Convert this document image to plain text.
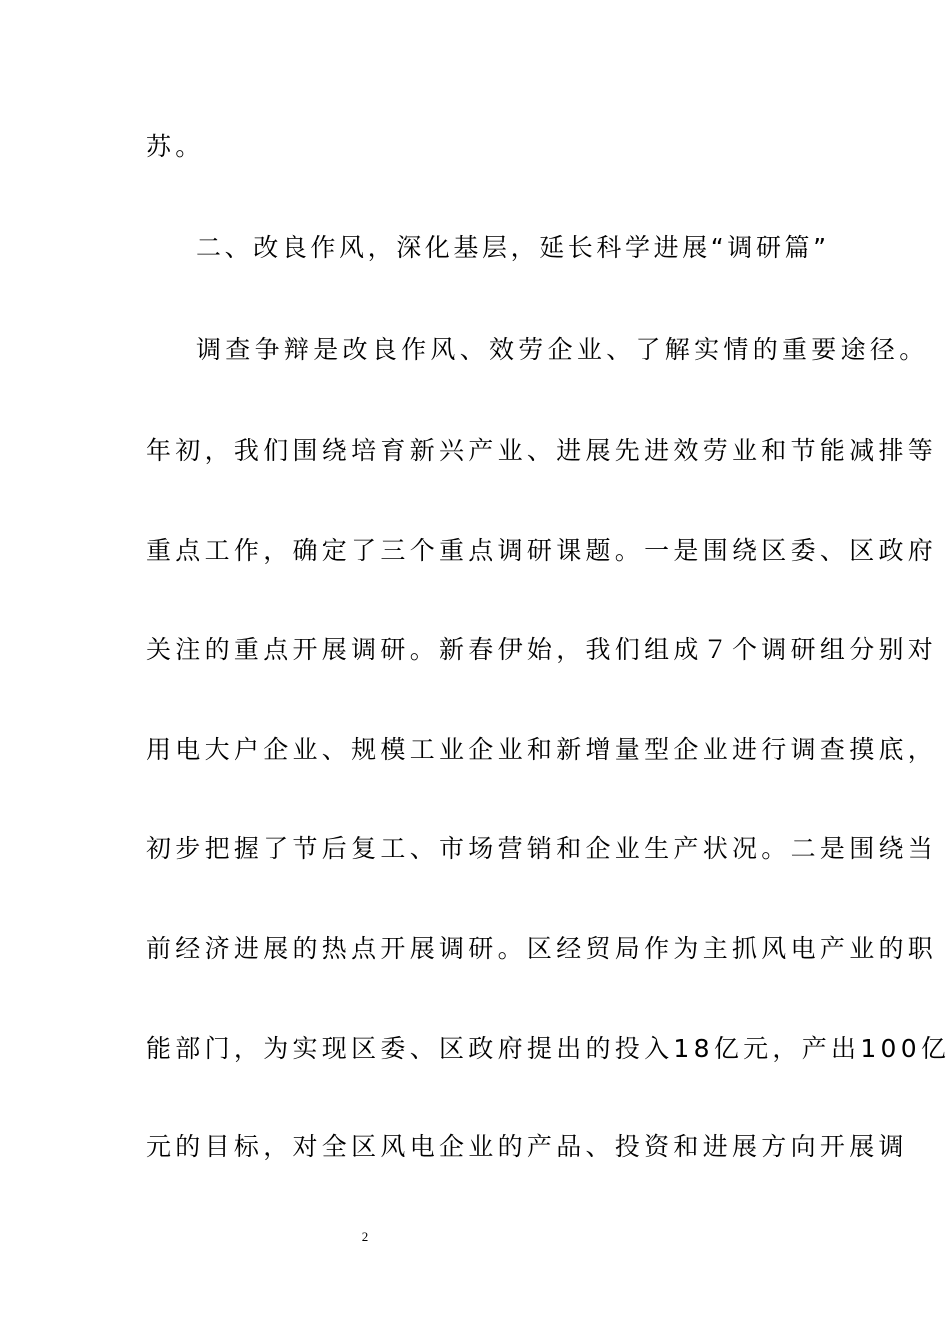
苏。
二、改良作风，深化基层，延长科学进展“调研篇”
调查争辩是改良作风、效劳企业、了解实情的重要途径。
年初，我们围绕培育新兴产业、进展先进效劳业和节能减排等
重点工作，确定了三个重点调研课题。一是围绕区委、区政府
关注的重点开展调研。新春伊始，我们组成７个调研组分别对
用电大户企业、规模工业企业和新增量型企业进行调查摸底，
初步把握了节后复工、市场营销和企业生产状况。二是围绕当
前经济进展的热点开展调研。区经贸局作为主抓风电产业的职
能部门，为实现区委、区政府提出的投入18亿元，产出100亿
元的目标，对全区风电企业的产品、投资和进展方向开展调
2
